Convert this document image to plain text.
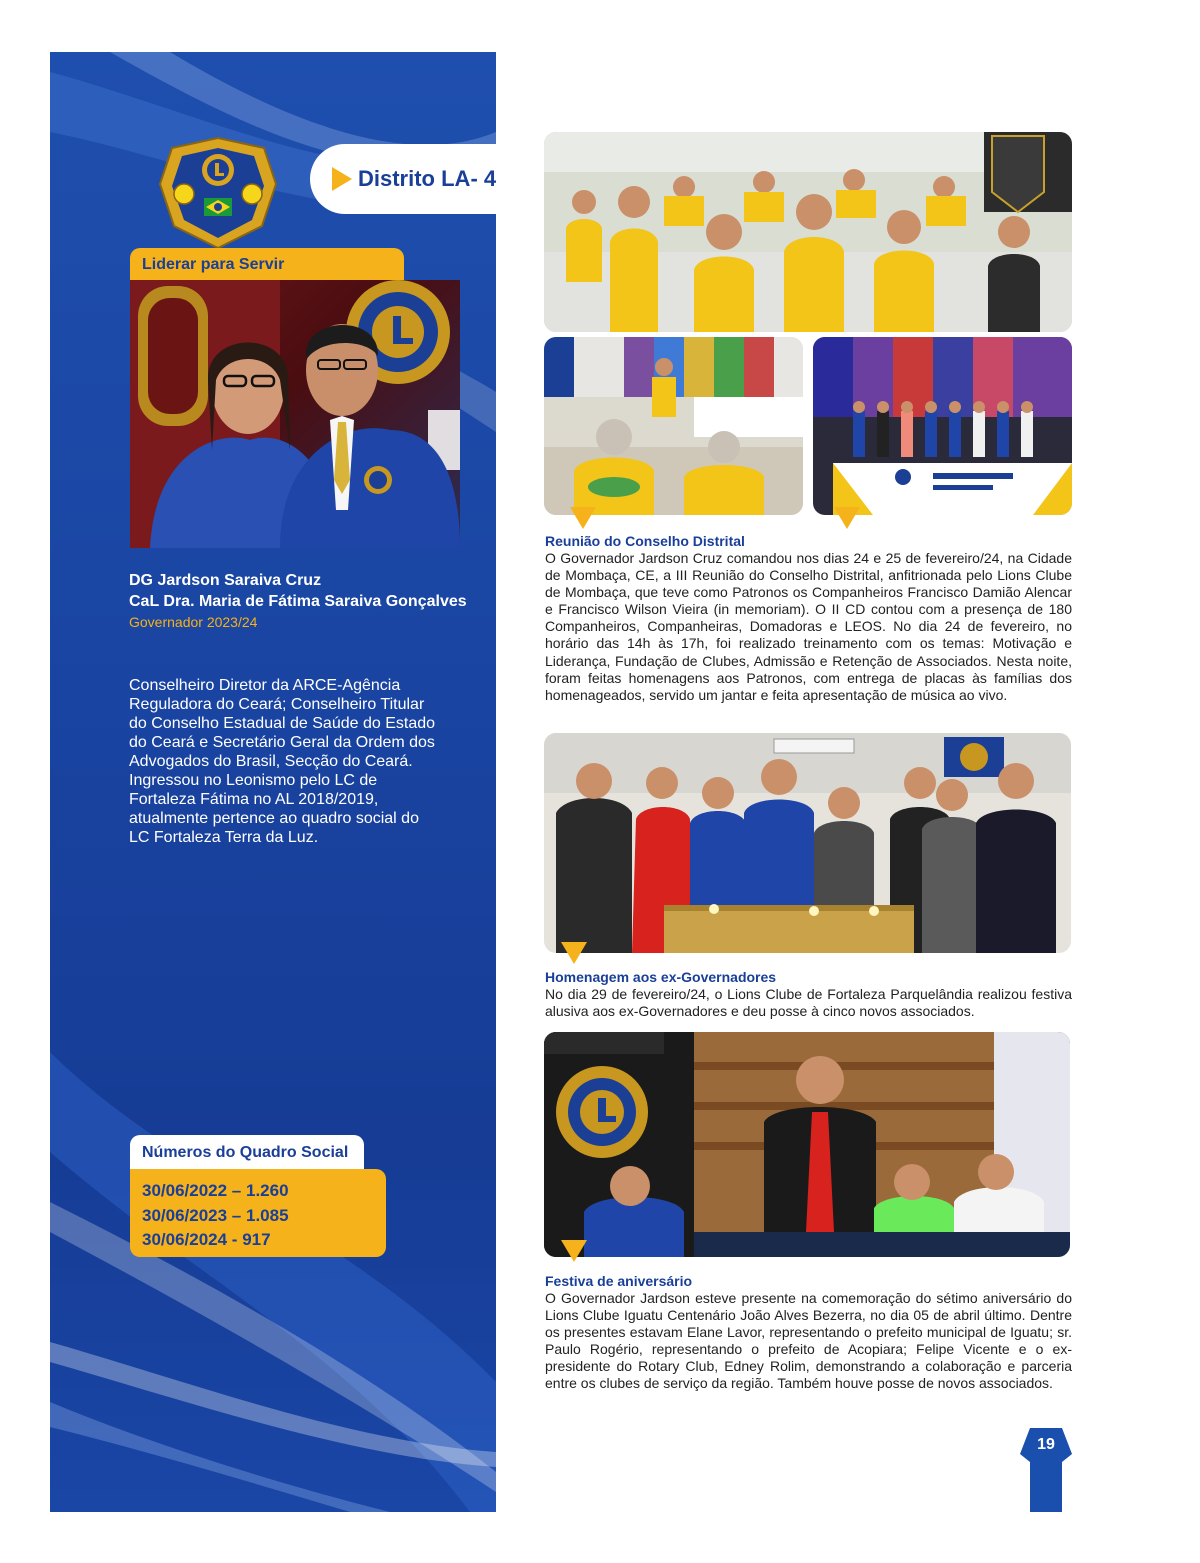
Distrito LA- 4
Liderar para Servir
DG Jardson Saraiva Cruz
CaL Dra. Maria de Fátima Saraiva Gonçalves
Governador 2023/24
Conselheiro Diretor da ARCE-Agência Reguladora do Ceará; Conselheiro Titular do Conselho Estadual de Saúde do Estado do Ceará e Secretário Geral da Ordem dos Advogados do Brasil, Secção do Ceará. Ingressou no Leonismo pelo LC de Fortaleza Fátima no AL 2018/2019, atualmente pertence ao quadro social do LC Fortaleza Terra da Luz.
Números do Quadro Social
30/06/2022 – 1.260
30/06/2023 – 1.085
30/06/2024 - 917
Reunião do Conselho Distrital
O Governador Jardson Cruz comandou nos dias 24 e 25 de fevereiro/24, na Cidade de Mombaça, CE, a III Reunião do Conselho Distrital, anfitrionada pelo Lions Clube de Mombaça, que teve como Patronos os Companheiros Francisco Damião Alencar e Francisco Wilson Vieira (in memoriam). O II CD contou com a presença de 180 Companheiros, Companheiras, Domadoras e LEOS. No dia 24 de fevereiro, no horário das 14h às 17h, foi realizado treinamento com os temas: Motivação e Liderança, Fundação de Clubes, Admissão e Retenção de Associados. Nesta noite, foram feitas homenagens aos Patronos, com entrega de placas às famílias dos homenageados, servido um jantar e feita apresentação de música ao vivo.
Homenagem aos ex-Governadores
No dia 29 de fevereiro/24, o Lions Clube de Fortaleza Parquelândia realizou festiva alusiva aos ex-Governadores e deu posse à cinco novos associados.
Festiva de aniversário
O Governador Jardson esteve presente na comemoração do sétimo aniversário do Lions Clube Iguatu Centenário João Alves Bezerra, no dia 05 de abril último. Dentre os presentes estavam Elane Lavor, representando o prefeito municipal de Iguatu; sr. Paulo Rogério, representando o prefeito de Acopiara; Felipe Vicente e o ex-presidente do Rotary Club, Edney Rolim, demonstrando a colaboração e parceria entre os clubes de serviço da região. Também houve posse de novos associados.
19
